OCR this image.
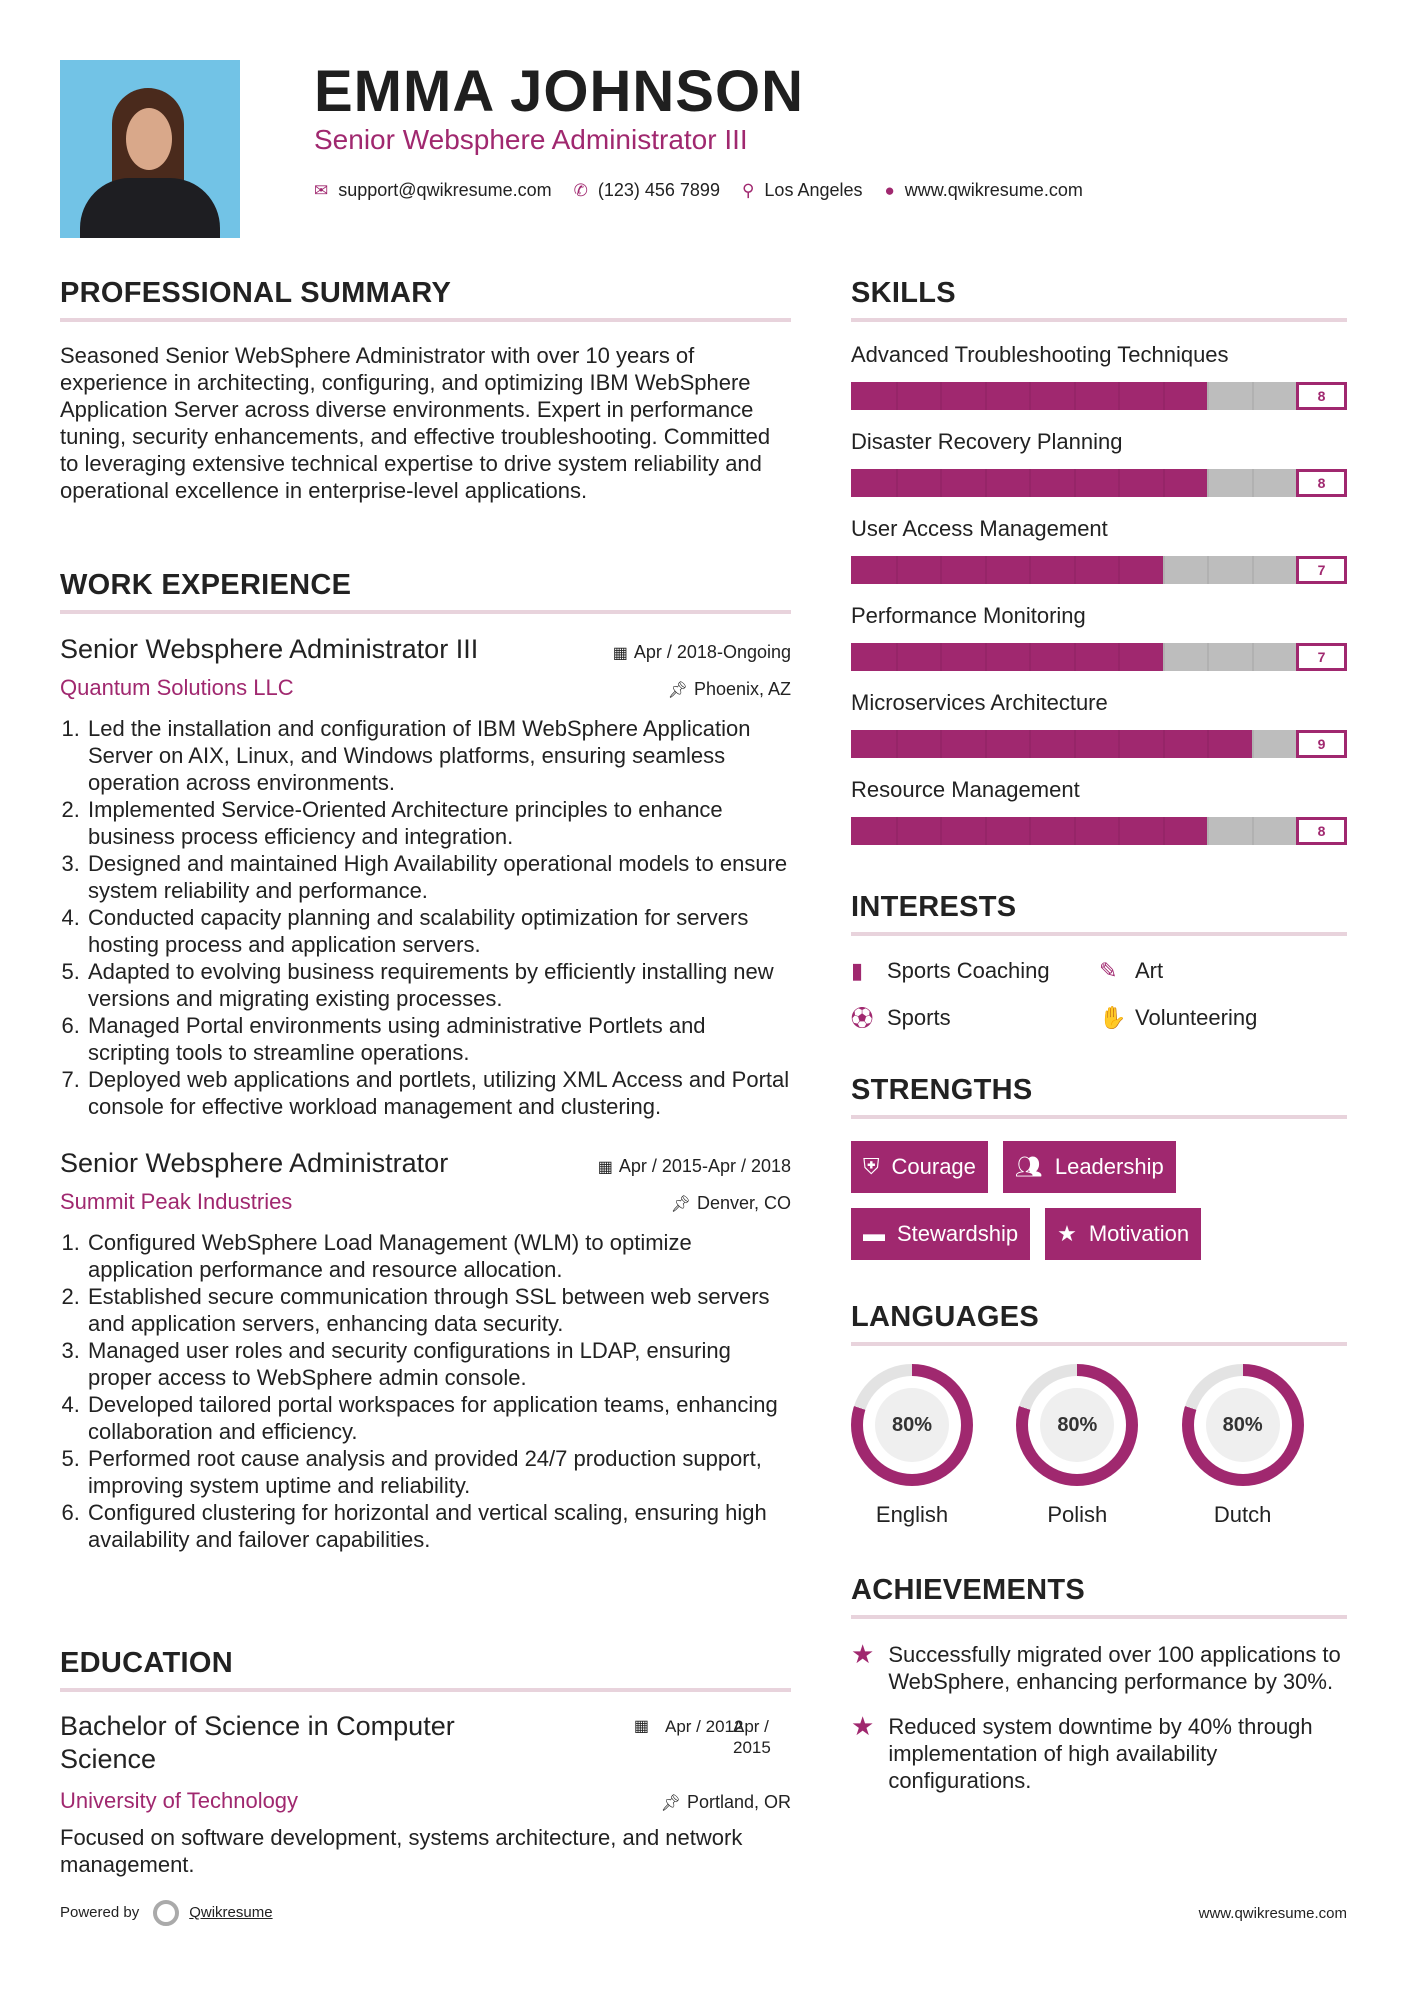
EMMA JOHNSON
Senior Websphere Administrator III
✉ support@qwikresume.com ✆ (123) 456 7899 ⚲ Los Angeles ● www.qwikresume.com
PROFESSIONAL SUMMARY

Seasoned Senior WebSphere Administrator with over 10 years of experience in architecting, configuring, and optimizing IBM WebSphere Application Server across diverse environments. Expert in performance tuning, security enhancements, and effective troubleshooting. Committed to leveraging extensive technical expertise to drive system reliability and operational excellence in enterprise-level applications.

WORK EXPERIENCE
Senior Websphere Administrator III	▦ Apr / 2018-Ongoing
Quantum Solutions LLC	📌︎ Phoenix, AZ
1. Led the installation and configuration of IBM WebSphere Application Server on AIX, Linux, and Windows platforms, ensuring seamless operation across environments.
2. Implemented Service-Oriented Architecture principles to enhance business process efficiency and integration.
3. Designed and maintained High Availability operational models to ensure system reliability and performance.
4. Conducted capacity planning and scalability optimization for servers hosting process and application servers.
5. Adapted to evolving business requirements by efficiently installing new versions and migrating existing processes.
6. Managed Portal environments using administrative Portlets and scripting tools to streamline operations.
7. Deployed web applications and portlets, utilizing XML Access and Portal console for effective workload management and clustering.
Senior Websphere Administrator	▦ Apr / 2015-Apr / 2018
Summit Peak Industries	📌︎ Denver, CO
1. Configured WebSphere Load Management (WLM) to optimize application performance and resource allocation.
2. Established secure communication through SSL between web servers and application servers, enhancing data security.
3. Managed user roles and security configurations in LDAP, ensuring proper access to WebSphere admin console.
4. Developed tailored portal workspaces for application teams, enhancing collaboration and efficiency.
5. Performed root cause analysis and provided 24/7 production support, improving system uptime and reliability.
6. Configured clustering for horizontal and vertical scaling, ensuring high availability and failover capabilities.
EDUCATION
Bachelor of Science in Computer Science
▦ Apr / 2012
Apr / 2015
University of Technology	📌︎ Portland, OR

Focused on software development, systems architecture, and network management.

SKILLS
Advanced Troubleshooting Techniques
8
Disaster Recovery Planning
8
User Access Management
7
Performance Monitoring
7
Microservices Architecture
9
Resource Management
8
INTERESTS
▮	Sports Coaching ✎ Art
⚽︎ Sports	✋ Volunteering
STRENGTHS
⛨ Courage 👥︎ Leadership
▬ Stewardship ★ Motivation
LANGUAGES
80%
English
80%
Polish
80%
Dutch
ACHIEVEMENTS
★ Successfully migrated over 100 applications to WebSphere, enhancing performance by 30%.
★ Reduced system downtime by 40% through implementation of high availability configurations.
Powered by	Qwikresume	www.qwikresume.com
